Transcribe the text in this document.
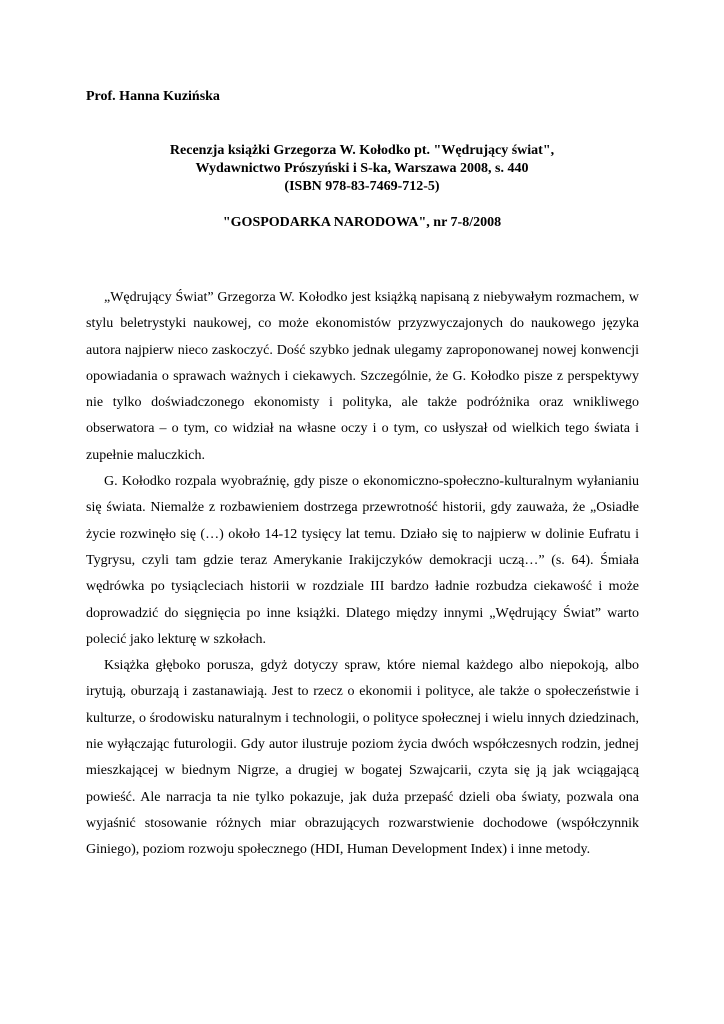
Prof. Hanna Kuzińska
Recenzja książki Grzegorza W. Kołodko pt. "Wędrujący świat",
Wydawnictwo Prószyński i S-ka, Warszawa 2008, s. 440
(ISBN 978-83-7469-712-5)
"GOSPODARKA NARODOWA", nr 7-8/2008

„Wędrujący Świat” Grzegorza W. Kołodko jest książką napisaną z niebywałym rozmachem, w stylu beletrystyki naukowej, co może ekonomistów przyzwyczajonych do naukowego języka autora najpierw nieco zaskoczyć. Dość szybko jednak ulegamy zaproponowanej nowej konwencji opowiadania o sprawach ważnych i ciekawych. Szczególnie, że G. Kołodko pisze z perspektywy nie tylko doświadczonego ekonomisty i polityka, ale także podróżnika oraz wnikliwego obserwatora – o tym, co widział na własne oczy i o tym, co usłyszał od wielkich tego świata i zupełnie maluczkich.

G. Kołodko rozpala wyobraźnię, gdy pisze o ekonomiczno-społeczno-kulturalnym wyłanianiu się świata. Niemalże z rozbawieniem dostrzega przewrotność historii, gdy zauważa, że „Osiadłe życie rozwinęło się (…) około 14-12 tysięcy lat temu. Działo się to najpierw w dolinie Eufratu i Tygrysu, czyli tam gdzie teraz Amerykanie Irakijczyków demokracji uczą…” (s. 64). Śmiała wędrówka po tysiącleciach historii w rozdziale III bardzo ładnie rozbudza ciekawość i może doprowadzić do sięgnięcia po inne książki. Dlatego między innymi „Wędrujący Świat” warto polecić jako lekturę w szkołach.

Książka głęboko porusza, gdyż dotyczy spraw, które niemal każdego albo niepokoją, albo irytują, oburzają i zastanawiają. Jest to rzecz o ekonomii i polityce, ale także o społeczeństwie i kulturze, o środowisku naturalnym i technologii, o polityce społecznej i wielu innych dziedzinach, nie wyłączając futurologii. Gdy autor ilustruje poziom życia dwóch współczesnych rodzin, jednej mieszkającej w biednym Nigrze, a drugiej w bogatej Szwajcarii, czyta się ją jak wciągającą powieść. Ale narracja ta nie tylko pokazuje, jak duża przepaść dzieli oba światy, pozwala ona wyjaśnić stosowanie różnych miar obrazujących rozwarstwienie dochodowe (współczynnik Giniego), poziom rozwoju społecznego (HDI, Human Development Index) i inne metody.
